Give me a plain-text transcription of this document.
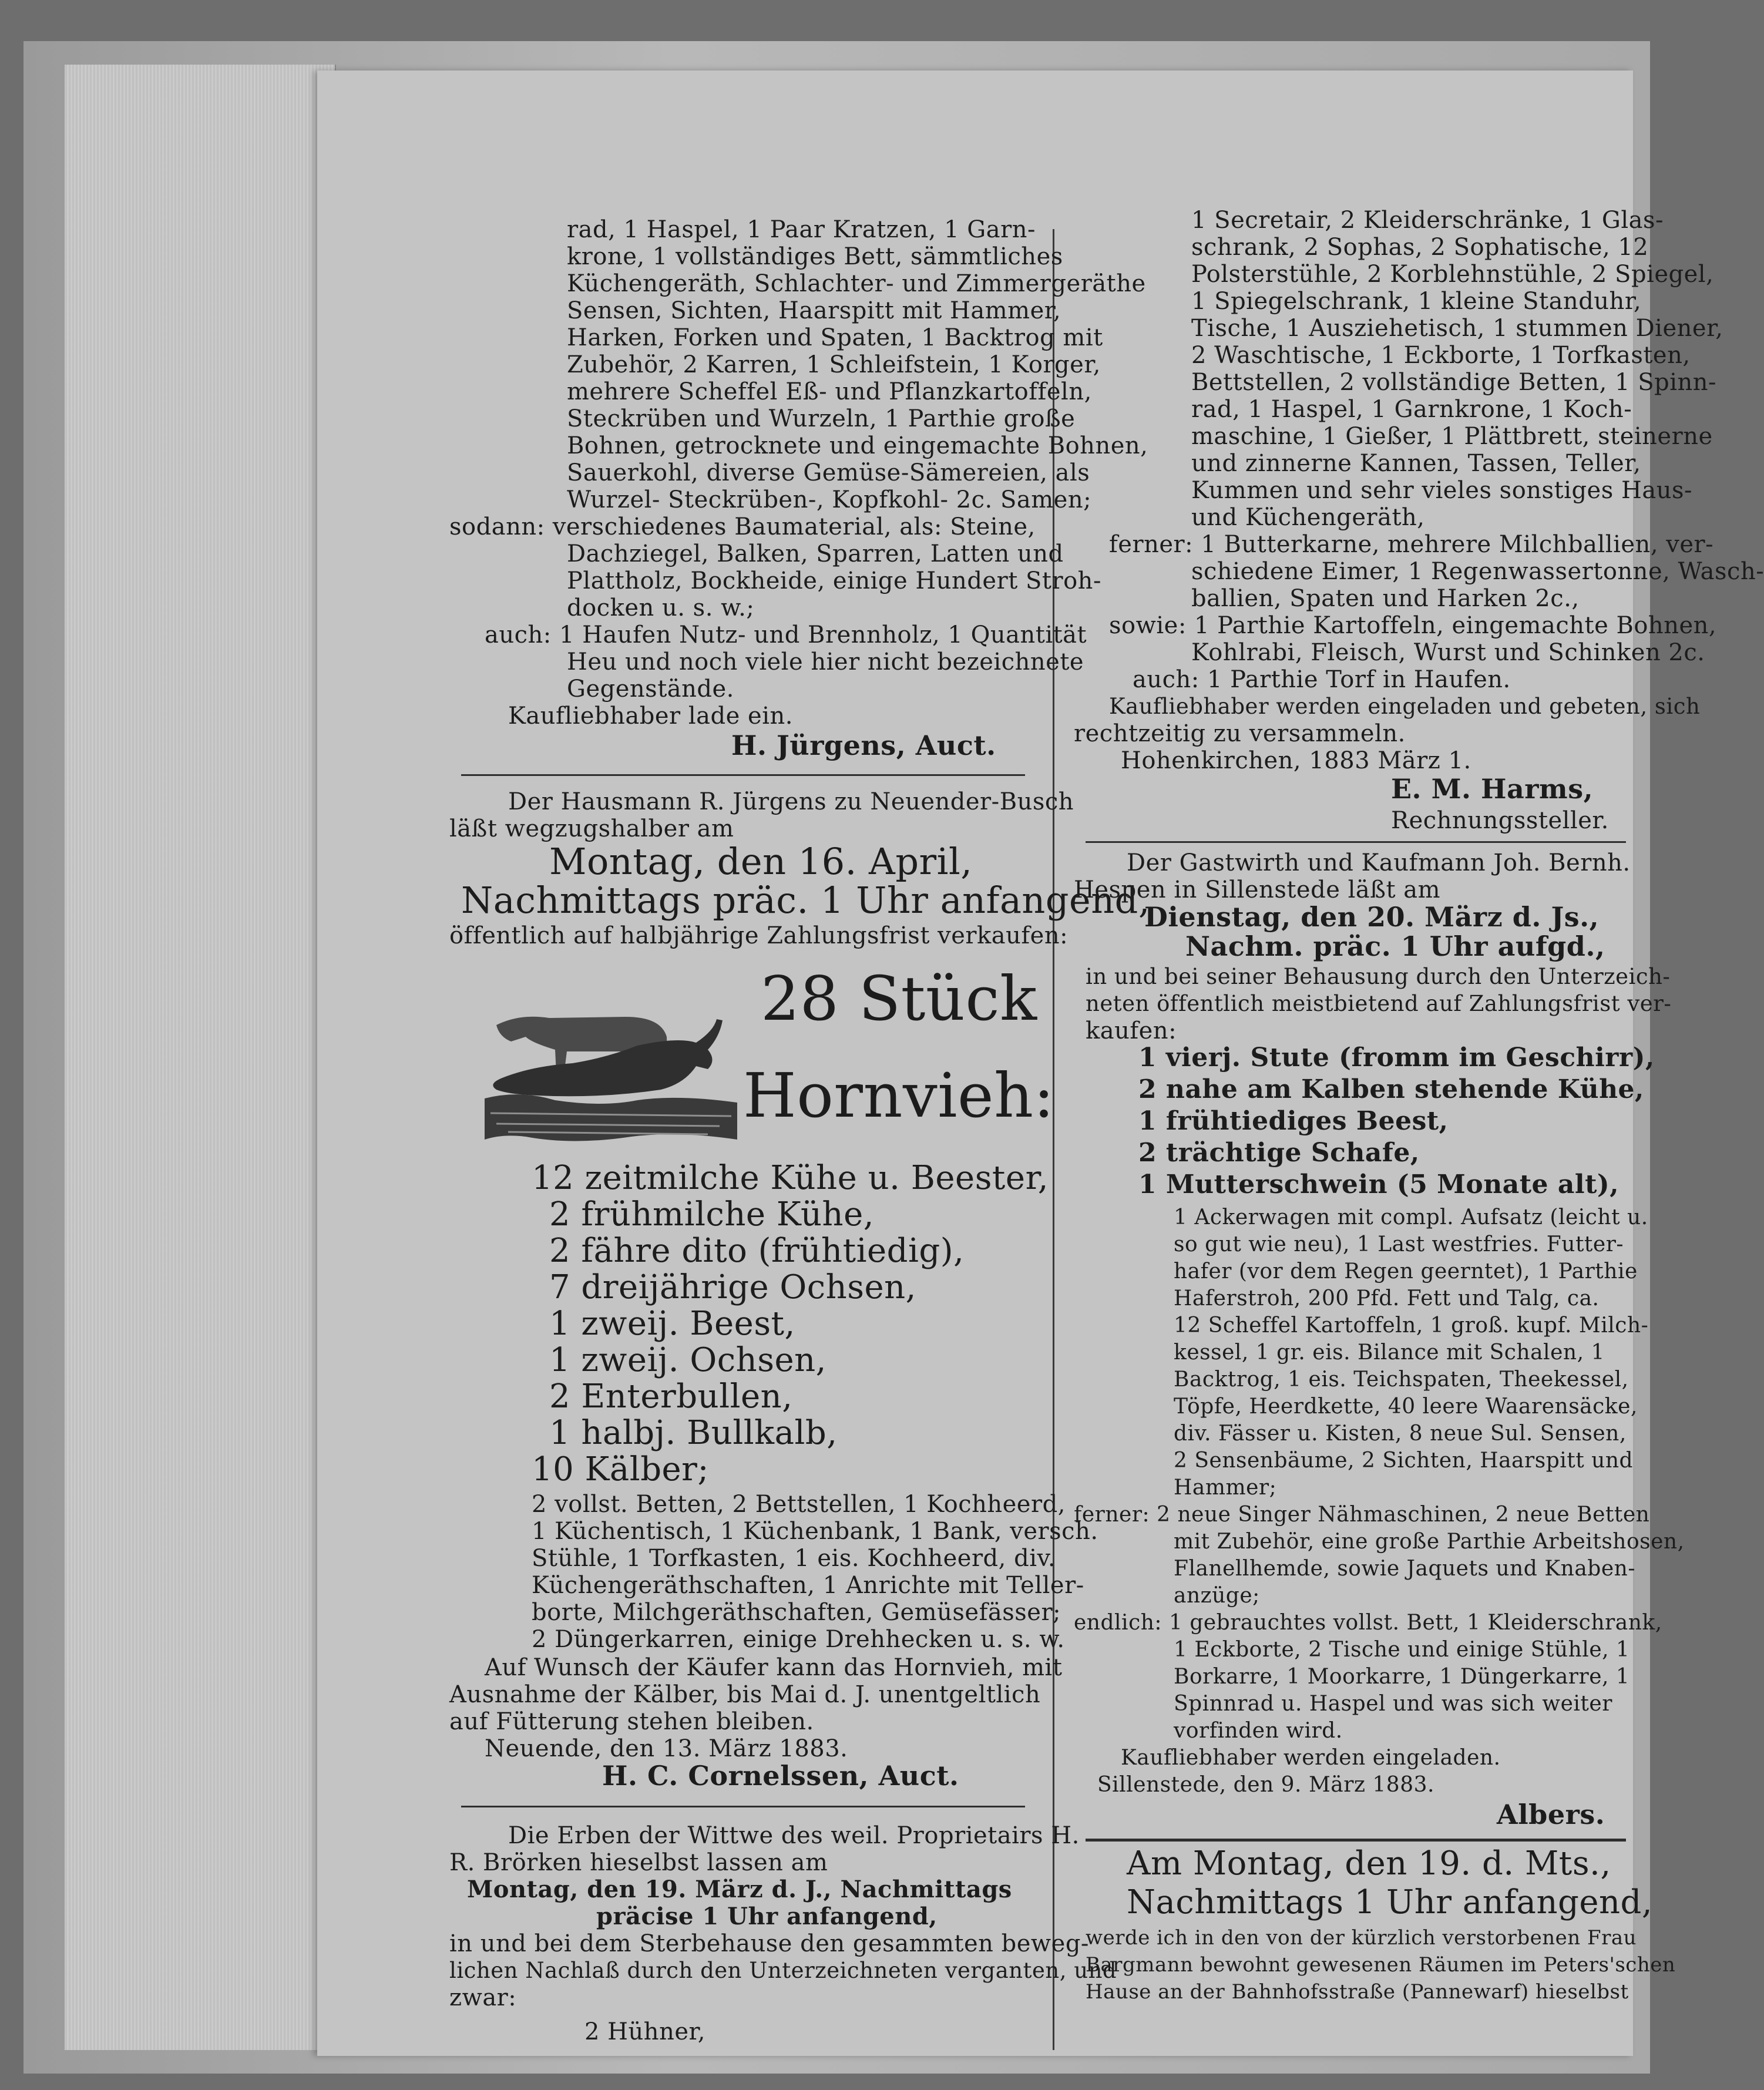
rad, 1 Haspel, 1 Paar Kratzen, 1 Garn-
krone, 1 vollständiges Bett, sämmtliches
Küchengeräth, Schlachter- und Zimmergeräthe
Sensen, Sichten, Haarspitt mit Hammer,
Harken, Forken und Spaten, 1 Backtrog mit
Zubehör, 2 Karren, 1 Schleifstein, 1 Korger,
mehrere Scheffel Eß- und Pflanzkartoffeln,
Steckrüben und Wurzeln, 1 Parthie große
Bohnen, getrocknete und eingemachte Bohnen,
Sauerkohl, diverse Gemüse-Sämereien, als
Wurzel- Steckrüben-, Kopfkohl- 2c. Samen;
sodann: verschiedenes Baumaterial, als: Steine,
Dachziegel, Balken, Sparren, Latten und
Plattholz, Bockheide, einige Hundert Stroh-
docken u. s. w.;
auch: 1 Haufen Nutz- und Brennholz, 1 Quantität
Heu und noch viele hier nicht bezeichnete
Gegenstände.
Kaufliebhaber lade ein.
H. Jürgens, Auct.
Der Hausmann R. Jürgens zu Neuender-Busch
läßt wegzugshalber am
Montag, den 16. April,
Nachmittags präc. 1 Uhr anfangend,
öffentlich auf halbjährige Zahlungsfrist verkaufen:
28 Stück
Hornvieh:
12 zeitmilche Kühe u. Beester,
2 frühmilche Kühe,
2 fähre dito (frühtiedig),
7 dreijährige Ochsen,
1 zweij. Beest,
1 zweij. Ochsen,
2 Enterbullen,
1 halbj. Bullkalb,
10 Kälber;
2 vollst. Betten, 2 Bettstellen, 1 Kochheerd,
1 Küchentisch, 1 Küchenbank, 1 Bank, versch.
Stühle, 1 Torfkasten, 1 eis. Kochheerd, div.
Küchengeräthschaften, 1 Anrichte mit Teller-
borte, Milchgeräthschaften, Gemüsefässer;
2 Düngerkarren, einige Drehhecken u. s. w.
Auf Wunsch der Käufer kann das Hornvieh, mit
Ausnahme der Kälber, bis Mai d. J. unentgeltlich
auf Fütterung stehen bleiben.
Neuende, den 13. März 1883.
H. C. Cornelssen, Auct.
Die Erben der Wittwe des weil. Proprietairs H.
R. Brörken hieselbst lassen am
Montag, den 19. März d. J., Nachmittags
präcise 1 Uhr anfangend,
in und bei dem Sterbehause den gesammten beweg-
lichen Nachlaß durch den Unterzeichneten verganten, und
zwar:
2 Hühner,
1 Secretair, 2 Kleiderschränke, 1 Glas-
schrank, 2 Sophas, 2 Sophatische, 12
Polsterstühle, 2 Korblehnstühle, 2 Spiegel,
1 Spiegelschrank, 1 kleine Standuhr,
Tische, 1 Ausziehetisch, 1 stummen Diener,
2 Waschtische, 1 Eckborte, 1 Torfkasten,
Bettstellen, 2 vollständige Betten, 1 Spinn-
rad, 1 Haspel, 1 Garnkrone, 1 Koch-
maschine, 1 Gießer, 1 Plättbrett, steinerne
und zinnerne Kannen, Tassen, Teller,
Kummen und sehr vieles sonstiges Haus-
und Küchengeräth,
ferner: 1 Butterkarne, mehrere Milchballien, ver-
schiedene Eimer, 1 Regenwassertonne, Wasch-
ballien, Spaten und Harken 2c.,
sowie: 1 Parthie Kartoffeln, eingemachte Bohnen,
Kohlrabi, Fleisch, Wurst und Schinken 2c.
auch: 1 Parthie Torf in Haufen.
Kaufliebhaber werden eingeladen und gebeten, sich
rechtzeitig zu versammeln.
Hohenkirchen, 1883 März 1.
E. M. Harms,
Rechnungssteller.
Der Gastwirth und Kaufmann Joh. Bernh.
Hespen in Sillenstede läßt am
Dienstag, den 20. März d. Js.,
Nachm. präc. 1 Uhr aufgd.,
in und bei seiner Behausung durch den Unterzeich-
neten öffentlich meistbietend auf Zahlungsfrist ver-
kaufen:
1 vierj. Stute (fromm im Geschirr),
2 nahe am Kalben stehende Kühe,
1 frühtiediges Beest,
2 trächtige Schafe,
1 Mutterschwein (5 Monate alt),
1 Ackerwagen mit compl. Aufsatz (leicht u.
so gut wie neu), 1 Last westfries. Futter-
hafer (vor dem Regen geerntet), 1 Parthie
Haferstroh, 200 Pfd. Fett und Talg, ca.
12 Scheffel Kartoffeln, 1 groß. kupf. Milch-
kessel, 1 gr. eis. Bilance mit Schalen, 1
Backtrog, 1 eis. Teichspaten, Theekessel,
Töpfe, Heerdkette, 40 leere Waarensäcke,
div. Fässer u. Kisten, 8 neue Sul. Sensen,
2 Sensenbäume, 2 Sichten, Haarspitt und
Hammer;
ferner: 2 neue Singer Nähmaschinen, 2 neue Betten
mit Zubehör, eine große Parthie Arbeitshosen,
Flanellhemde, sowie Jaquets und Knaben-
anzüge;
endlich: 1 gebrauchtes vollst. Bett, 1 Kleiderschrank,
1 Eckborte, 2 Tische und einige Stühle, 1
Borkarre, 1 Moorkarre, 1 Düngerkarre, 1
Spinnrad u. Haspel und was sich weiter
vorfinden wird.
Kaufliebhaber werden eingeladen.
Sillenstede, den 9. März 1883.
Albers.
Am Montag, den 19. d. Mts.,
Nachmittags 1 Uhr anfangend,
werde ich in den von der kürzlich verstorbenen Frau
Bargmann bewohnt gewesenen Räumen im Peters'schen
Hause an der Bahnhofsstraße (Pannewarf) hieselbst
